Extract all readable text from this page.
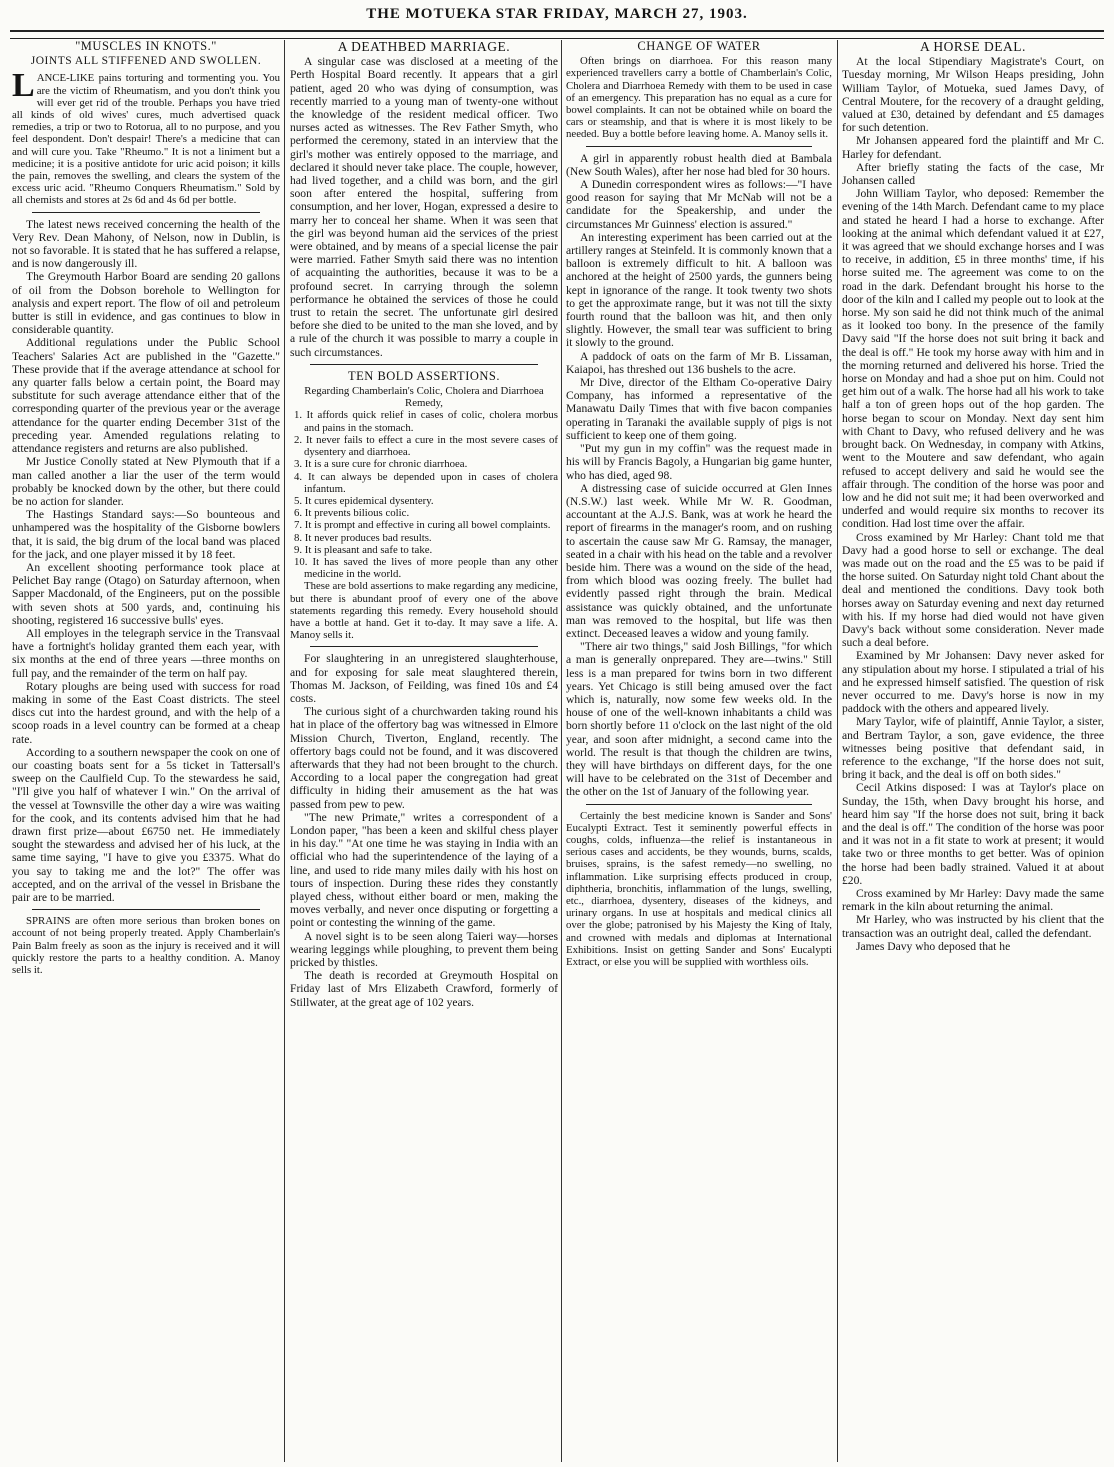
THE MOTUEKA STAR FRIDAY, MARCH 27, 1903.
"MUSCLES IN KNOTS."
JOINTS ALL STIFFENED AND SWOLLEN.

LANCE-LIKE pains torturing and tormenting you. You are the victim of Rheumatism, and you don't think you will ever get rid of the trouble. Perhaps you have tried all kinds of old wives' cures, much advertised quack remedies, a trip or two to Rotorua, all to no purpose, and you feel despondent. Don't despair! There's a medicine that can and will cure you. Take "Rheumo." It is not a liniment but a medicine; it is a positive antidote for uric acid poison; it kills the pain, removes the swelling, and clears the system of the excess uric acid. "Rheumo Conquers Rheumatism." Sold by all chemists and stores at 2s 6d and 4s 6d per bottle.

The latest news received concerning the health of the Very Rev. Dean Mahony, of Nelson, now in Dublin, is not so favorable. It is stated that he has suffered a relapse, and is now dangerously ill.

The Greymouth Harbor Board are sending 20 gallons of oil from the Dobson borehole to Wellington for analysis and expert report. The flow of oil and petroleum butter is still in evidence, and gas continues to blow in considerable quantity.

Additional regulations under the Public School Teachers' Salaries Act are published in the "Gazette." These provide that if the average attendance at school for any quarter falls below a certain point, the Board may substitute for such average attendance either that of the corresponding quarter of the previous year or the average attendance for the quarter ending December 31st of the preceding year. Amended regulations relating to attendance registers and returns are also published.

Mr Justice Conolly stated at New Plymouth that if a man called another a liar the user of the term would probably be knocked down by the other, but there could be no action for slander.

The Hastings Standard says:—So bounteous and unhampered was the hospitality of the Gisborne bowlers that, it is said, the big drum of the local band was placed for the jack, and one player missed it by 18 feet.

An excellent shooting performance took place at Pelichet Bay range (Otago) on Saturday afternoon, when Sapper Macdonald, of the Engineers, put on the possible with seven shots at 500 yards, and, continuing his shooting, registered 16 successive bulls' eyes.

All employes in the telegraph service in the Transvaal have a fortnight's holiday granted them each year, with six months at the end of three years —three months on full pay, and the remainder of the term on half pay.

Rotary ploughs are being used with success for road making in some of the East Coast districts. The steel discs cut into the hardest ground, and with the help of a scoop roads in a level country can be formed at a cheap rate.

According to a southern newspaper the cook on one of our coasting boats sent for a 5s ticket in Tattersall's sweep on the Caulfield Cup. To the stewardess he said, "I'll give you half of whatever I win." On the arrival of the vessel at Townsville the other day a wire was waiting for the cook, and its contents advised him that he had drawn first prize—about £6750 net. He immediately sought the stewardess and advised her of his luck, at the same time saying, "I have to give you £3375. What do you say to taking me and the lot?" The offer was accepted, and on the arrival of the vessel in Brisbane the pair are to be married.

SPRAINS are often more serious than broken bones on account of not being properly treated. Apply Chamberlain's Pain Balm freely as soon as the injury is received and it will quickly restore the parts to a healthy condition. A. Manoy sells it.

A DEATHBED MARRIAGE.

A singular case was disclosed at a meeting of the Perth Hospital Board recently. It appears that a girl patient, aged 20 who was dying of consumption, was recently married to a young man of twenty-one without the knowledge of the resident medical officer. Two nurses acted as witnesses. The Rev Father Smyth, who performed the ceremony, stated in an interview that the girl's mother was entirely opposed to the marriage, and declared it should never take place. The couple, however, had lived together, and a child was born, and the girl soon after entered the hospital, suffering from consumption, and her lover, Hogan, expressed a desire to marry her to conceal her shame. When it was seen that the girl was beyond human aid the services of the priest were obtained, and by means of a special license the pair were married. Father Smyth said there was no intention of acquainting the authorities, because it was to be a profound secret. In carrying through the solemn performance he obtained the services of those he could trust to retain the secret. The unfortunate girl desired before she died to be united to the man she loved, and by a rule of the church it was possible to marry a couple in such circumstances.

TEN BOLD ASSERTIONS.

Regarding Chamberlain's Colic, Cholera and Diarrhoea Remedy,

1. It affords quick relief in cases of colic, cholera morbus and pains in the stomach.

2. It never fails to effect a cure in the most severe cases of dysentery and diarrhoea.

3. It is a sure cure for chronic diarrhoea.

4. It can always be depended upon in cases of cholera infantum.

5. It cures epidemical dysentery.

6. It prevents bilious colic.

7. It is prompt and effective in curing all bowel complaints.

8. It never produces bad results.

9. It is pleasant and safe to take.

10. It has saved the lives of more people than any other medicine in the world.

These are bold assertions to make regarding any medicine, but there is abundant proof of every one of the above statements regarding this remedy. Every household should have a bottle at hand. Get it to-day. It may save a life. A. Manoy sells it.

For slaughtering in an unregistered slaughterhouse, and for exposing for sale meat slaughtered therein, Thomas M. Jackson, of Feilding, was fined 10s and £4 costs.

The curious sight of a churchwarden taking round his hat in place of the offertory bag was witnessed in Elmore Mission Church, Tiverton, England, recently. The offertory bags could not be found, and it was discovered afterwards that they had not been brought to the church. According to a local paper the congregation had great difficulty in hiding their amusement as the hat was passed from pew to pew.

"The new Primate," writes a correspondent of a London paper, "has been a keen and skilful chess player in his day." "At one time he was staying in India with an official who had the superintendence of the laying of a line, and used to ride many miles daily with his host on tours of inspection. During these rides they constantly played chess, without either board or men, making the moves verbally, and never once disputing or forgetting a point or contesting the winning of the game.

A novel sight is to be seen along Taieri way—horses wearing leggings while ploughing, to prevent them being pricked by thistles.

The death is recorded at Greymouth Hospital on Friday last of Mrs Elizabeth Crawford, formerly of Stillwater, at the great age of 102 years.

CHANGE OF WATER

Often brings on diarrhoea. For this reason many experienced travellers carry a bottle of Chamberlain's Colic, Cholera and Diarrhoea Remedy with them to be used in case of an emergency. This preparation has no equal as a cure for bowel complaints. It can not be obtained while on board the cars or steamship, and that is where it is most likely to be needed. Buy a bottle before leaving home. A. Manoy sells it.

A girl in apparently robust health died at Bambala (New South Wales), after her nose had bled for 30 hours.

A Dunedin correspondent wires as follows:—"I have good reason for saying that Mr McNab will not be a candidate for the Speakership, and under the circumstances Mr Guinness' election is assured."

An interesting experiment has been carried out at the artillery ranges at Steinfeld. It is commonly known that a balloon is extremely difficult to hit. A balloon was anchored at the height of 2500 yards, the gunners being kept in ignorance of the range. It took twenty two shots to get the approximate range, but it was not till the sixty fourth round that the balloon was hit, and then only slightly. However, the small tear was sufficient to bring it slowly to the ground.

A paddock of oats on the farm of Mr B. Lissaman, Kaiapoi, has threshed out 136 bushels to the acre.

Mr Dive, director of the Eltham Co-operative Dairy Company, has informed a representative of the Manawatu Daily Times that with five bacon companies operating in Taranaki the available supply of pigs is not sufficient to keep one of them going.

"Put my gun in my coffin" was the request made in his will by Francis Bagoly, a Hungarian big game hunter, who has died, aged 98.

A distressing case of suicide occurred at Glen Innes (N.S.W.) last week. While Mr W. R. Goodman, accountant at the A.J.S. Bank, was at work he heard the report of firearms in the manager's room, and on rushing to ascertain the cause saw Mr G. Ramsay, the manager, seated in a chair with his head on the table and a revolver beside him. There was a wound on the side of the head, from which blood was oozing freely. The bullet had evidently passed right through the brain. Medical assistance was quickly obtained, and the unfortunate man was removed to the hospital, but life was then extinct. Deceased leaves a widow and young family.

"There air two things," said Josh Billings, "for which a man is generally onprepared. They are—twins." Still less is a man prepared for twins born in two different years. Yet Chicago is still being amused over the fact which is, naturally, now some few weeks old. In the house of one of the well-known inhabitants a child was born shortly before 11 o'clock on the last night of the old year, and soon after midnight, a second came into the world. The result is that though the children are twins, they will have birthdays on different days, for the one will have to be celebrated on the 31st of December and the other on the 1st of January of the following year.

Certainly the best medicine known is Sander and Sons' Eucalypti Extract. Test it seminently powerful effects in coughs, colds, influenza—the relief is instantaneous in serious cases and accidents, be they wounds, burns, scalds, bruises, sprains, is the safest remedy—no swelling, no inflammation. Like surprising effects produced in croup, diphtheria, bronchitis, inflammation of the lungs, swelling, etc., diarrhoea, dysentery, diseases of the kidneys, and urinary organs. In use at hospitals and medical clinics all over the globe; patronised by his Majesty the King of Italy, and crowned with medals and diplomas at International Exhibitions. Insist on getting Sander and Sons' Eucalypti Extract, or else you will be supplied with worthless oils.

A HORSE DEAL.

At the local Stipendiary Magistrate's Court, on Tuesday morning, Mr Wilson Heaps presiding, John William Taylor, of Motueka, sued James Davy, of Central Moutere, for the recovery of a draught gelding, valued at £30, detained by defendant and £5 damages for such detention.

Mr Johansen appeared ford the plaintiff and Mr C. Harley for defendant.

After briefly stating the facts of the case, Mr Johansen called

John William Taylor, who deposed: Remember the evening of the 14th March. Defendant came to my place and stated he heard I had a horse to exchange. After looking at the animal which defendant valued it at £27, it was agreed that we should exchange horses and I was to receive, in addition, £5 in three months' time, if his horse suited me. The agreement was come to on the road in the dark. Defendant brought his horse to the door of the kiln and I called my people out to look at the horse. My son said he did not think much of the animal as it looked too bony. In the presence of the family Davy said "If the horse does not suit bring it back and the deal is off." He took my horse away with him and in the morning returned and delivered his horse. Tried the horse on Monday and had a shoe put on him. Could not get him out of a walk. The horse had all his work to take half a ton of green hops out of the hop garden. The horse began to scour on Monday. Next day sent him with Chant to Davy, who refused delivery and he was brought back. On Wednesday, in company with Atkins, went to the Moutere and saw defendant, who again refused to accept delivery and said he would see the affair through. The condition of the horse was poor and low and he did not suit me; it had been overworked and underfed and would require six months to recover its condition. Had lost time over the affair.

Cross examined by Mr Harley: Chant told me that Davy had a good horse to sell or exchange. The deal was made out on the road and the £5 was to be paid if the horse suited. On Saturday night told Chant about the deal and mentioned the conditions. Davy took both horses away on Saturday evening and next day returned with his. If my horse had died would not have given Davy's back without some consideration. Never made such a deal before.

Examined by Mr Johansen: Davy never asked for any stipulation about my horse. I stipulated a trial of his and he expressed himself satisfied. The question of risk never occurred to me. Davy's horse is now in my paddock with the others and appeared lively.

Mary Taylor, wife of plaintiff, Annie Taylor, a sister, and Bertram Taylor, a son, gave evidence, the three witnesses being positive that defendant said, in reference to the exchange, "If the horse does not suit, bring it back, and the deal is off on both sides."

Cecil Atkins disposed: I was at Taylor's place on Sunday, the 15th, when Davy brought his horse, and heard him say "If the horse does not suit, bring it back and the deal is off." The condition of the horse was poor and it was not in a fit state to work at present; it would take two or three months to get better. Was of opinion the horse had been badly strained. Valued it at about £20.

Cross examined by Mr Harley: Davy made the same remark in the kiln about returning the animal.

Mr Harley, who was instructed by his client that the transaction was an outright deal, called the defendant.

James Davy who deposed that he
